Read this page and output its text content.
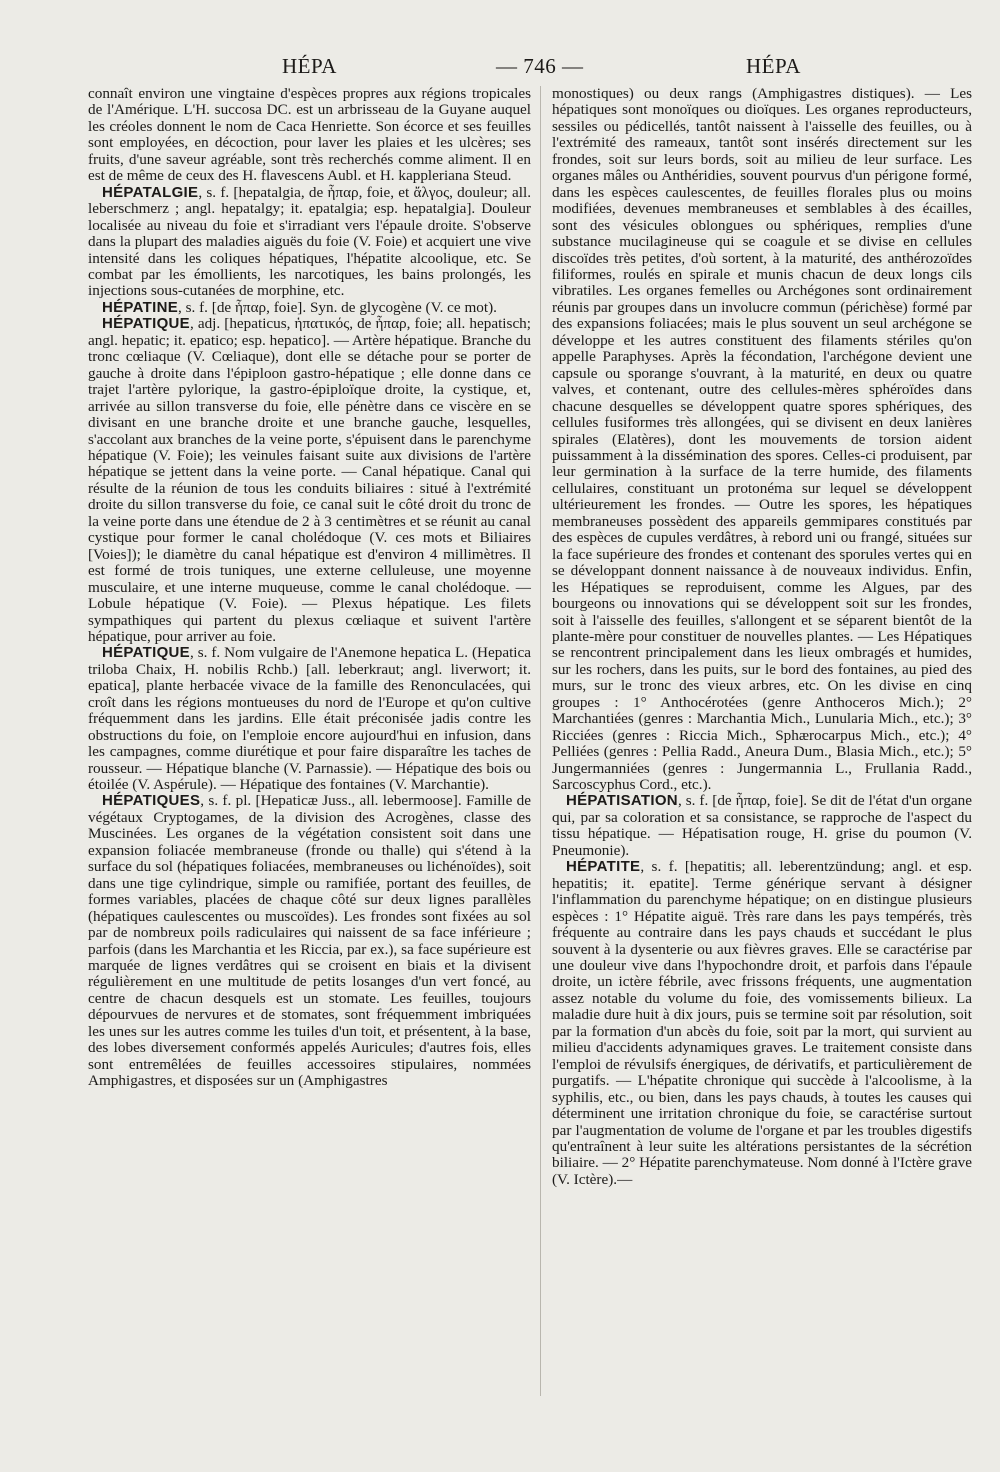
HÉPA	— 746 —	HÉPA

connaît environ une vingtaine d'espèces propres aux régions tropicales de l'Amérique. L'H. succosa DC. est un arbrisseau de la Guyane auquel les créoles donnent le nom de Caca Henriette. Son écorce et ses feuilles sont employées, en décoction, pour laver les plaies et les ulcères; ses fruits, d'une saveur agréable, sont très recherchés comme aliment. Il en est de même de ceux des H. flavescens Aubl. et H. kappleriana Steud.

HÉPATALGIE, s. f. [hepatalgia, de ἧπαρ, foie, et ἄλγος, douleur; all. leberschmerz ; angl. hepatalgy; it. epatalgia; esp. hepatalgia]. Douleur localisée au niveau du foie et s'irradiant vers l'épaule droite. S'observe dans la plupart des maladies aiguës du foie (V. Foie) et acquiert une vive intensité dans les coliques hépatiques, l'hépatite alcoolique, etc. Se combat par les émollients, les narcotiques, les bains prolongés, les injections sous-cutanées de morphine, etc.

HÉPATINE, s. f. [de ἧπαρ, foie]. Syn. de glycogène (V. ce mot).

HÉPATIQUE, adj. [hepaticus, ἡπατικός, de ἧπαρ, foie; all. hepatisch; angl. hepatic; it. epatico; esp. hepatico]. — Artère hépatique. Branche du tronc cœliaque (V. Cœliaque), dont elle se détache pour se porter de gauche à droite dans l'épiploon gastro-hépatique ; elle donne dans ce trajet l'artère pylorique, la gastro-épiploïque droite, la cystique, et, arrivée au sillon transverse du foie, elle pénètre dans ce viscère en se divisant en une branche droite et une branche gauche, lesquelles, s'accolant aux branches de la veine porte, s'épuisent dans le parenchyme hépatique (V. Foie); les veinules faisant suite aux divisions de l'artère hépatique se jettent dans la veine porte. — Canal hépatique. Canal qui résulte de la réunion de tous les conduits biliaires : situé à l'extrémité droite du sillon transverse du foie, ce canal suit le côté droit du tronc de la veine porte dans une étendue de 2 à 3 centimètres et se réunit au canal cystique pour former le canal cholédoque (V. ces mots et Biliaires [Voies]); le diamètre du canal hépatique est d'environ 4 millimètres. Il est formé de trois tuniques, une externe celluleuse, une moyenne musculaire, et une interne muqueuse, comme le canal cholédoque. — Lobule hépatique (V. Foie). — Plexus hépatique. Les filets sympathiques qui partent du plexus cœliaque et suivent l'artère hépatique, pour arriver au foie.

HÉPATIQUE, s. f. Nom vulgaire de l'Anemone hepatica L. (Hepatica triloba Chaix, H. nobilis Rchb.) [all. leberkraut; angl. liverwort; it. epatica], plante herbacée vivace de la famille des Renonculacées, qui croît dans les régions montueuses du nord de l'Europe et qu'on cultive fréquemment dans les jardins. Elle était préconisée jadis contre les obstructions du foie, on l'emploie encore aujourd'hui en infusion, dans les campagnes, comme diurétique et pour faire disparaître les taches de rousseur. — Hépatique blanche (V. Parnassie). — Hépatique des bois ou étoilée (V. Aspérule). — Hépatique des fontaines (V. Marchantie).

HÉPATIQUES, s. f. pl. [Hepaticæ Juss., all. lebermoose]. Famille de végétaux Cryptogames, de la division des Acrogènes, classe des Muscinées. Les organes de la végétation consistent soit dans une expansion foliacée membraneuse (fronde ou thalle) qui s'étend à la surface du sol (hépatiques foliacées, membraneuses ou lichénoïdes), soit dans une tige cylindrique, simple ou ramifiée, portant des feuilles, de formes variables, placées de chaque côté sur deux lignes parallèles (hépatiques caulescentes ou muscoïdes). Les frondes sont fixées au sol par de nombreux poils radiculaires qui naissent de sa face inférieure ; parfois (dans les Marchantia et les Riccia, par ex.), sa face supérieure est marquée de lignes verdâtres qui se croisent en biais et la divisent régulièrement en une multitude de petits losanges d'un vert foncé, au centre de chacun desquels est un stomate. Les feuilles, toujours dépourvues de nervures et de stomates, sont fréquemment imbriquées les unes sur les autres comme les tuiles d'un toit, et présentent, à la base, des lobes diversement conformés appelés Auricules; d'autres fois, elles sont entremêlées de feuilles accessoires stipulaires, nommées Amphigastres, et disposées sur un (Amphigastres

monostiques) ou deux rangs (Amphigastres distiques). — Les hépatiques sont monoïques ou dioïques. Les organes reproducteurs, sessiles ou pédicellés, tantôt naissent à l'aisselle des feuilles, ou à l'extrémité des rameaux, tantôt sont insérés directement sur les frondes, soit sur leurs bords, soit au milieu de leur surface. Les organes mâles ou Anthéridies, souvent pourvus d'un périgone formé, dans les espèces caulescentes, de feuilles florales plus ou moins modifiées, devenues membraneuses et semblables à des écailles, sont des vésicules oblongues ou sphériques, remplies d'une substance mucilagineuse qui se coagule et se divise en cellules discoïdes très petites, d'où sortent, à la maturité, des anthérozoïdes filiformes, roulés en spirale et munis chacun de deux longs cils vibratiles. Les organes femelles ou Archégones sont ordinairement réunis par groupes dans un involucre commun (périchèse) formé par des expansions foliacées; mais le plus souvent un seul archégone se développe et les autres constituent des filaments stériles qu'on appelle Paraphyses. Après la fécondation, l'archégone devient une capsule ou sporange s'ouvrant, à la maturité, en deux ou quatre valves, et contenant, outre des cellules-mères sphéroïdes dans chacune desquelles se développent quatre spores sphériques, des cellules fusiformes très allongées, qui se divisent en deux lanières spirales (Elatères), dont les mouvements de torsion aident puissamment à la dissémination des spores. Celles-ci produisent, par leur germination à la surface de la terre humide, des filaments cellulaires, constituant un protonéma sur lequel se développent ultérieurement les frondes. — Outre les spores, les hépatiques membraneuses possèdent des appareils gemmipares constitués par des espèces de cupules verdâtres, à rebord uni ou frangé, situées sur la face supérieure des frondes et contenant des sporules vertes qui en se développant donnent naissance à de nouveaux individus. Enfin, les Hépatiques se reproduisent, comme les Algues, par des bourgeons ou innovations qui se développent soit sur les frondes, soit à l'aisselle des feuilles, s'allongent et se séparent bientôt de la plante-mère pour constituer de nouvelles plantes. — Les Hépatiques se rencontrent principalement dans les lieux ombragés et humides, sur les rochers, dans les puits, sur le bord des fontaines, au pied des murs, sur le tronc des vieux arbres, etc. On les divise en cinq groupes : 1° Anthocérotées (genre Anthoceros Mich.); 2° Marchantiées (genres : Marchantia Mich., Lunularia Mich., etc.); 3° Ricciées (genres : Riccia Mich., Sphærocarpus Mich., etc.); 4° Pelliées (genres : Pellia Radd., Aneura Dum., Blasia Mich., etc.); 5° Jungermanniées (genres : Jungermannia L., Frullania Radd., Sarcoscyphus Cord., etc.).

HÉPATISATION, s. f. [de ἧπαρ, foie]. Se dit de l'état d'un organe qui, par sa coloration et sa consistance, se rapproche de l'aspect du tissu hépatique. — Hépatisation rouge, H. grise du poumon (V. Pneumonie).

HÉPATITE, s. f. [hepatitis; all. leberentzündung; angl. et esp. hepatitis; it. epatite]. Terme générique servant à désigner l'inflammation du parenchyme hépatique; on en distingue plusieurs espèces : 1° Hépatite aiguë. Très rare dans les pays tempérés, très fréquente au contraire dans les pays chauds et succédant le plus souvent à la dysenterie ou aux fièvres graves. Elle se caractérise par une douleur vive dans l'hypochondre droit, et parfois dans l'épaule droite, un ictère fébrile, avec frissons fréquents, une augmentation assez notable du volume du foie, des vomissements bilieux. La maladie dure huit à dix jours, puis se termine soit par résolution, soit par la formation d'un abcès du foie, soit par la mort, qui survient au milieu d'accidents adynamiques graves. Le traitement consiste dans l'emploi de révulsifs énergiques, de dérivatifs, et particulièrement de purgatifs. — L'hépatite chronique qui succède à l'alcoolisme, à la syphilis, etc., ou bien, dans les pays chauds, à toutes les causes qui déterminent une irritation chronique du foie, se caractérise surtout par l'augmentation de volume de l'organe et par les troubles digestifs qu'entraînent à leur suite les altérations persistantes de la sécrétion biliaire. — 2° Hépatite parenchymateuse. Nom donné à l'Ictère grave (V. Ictère).—
